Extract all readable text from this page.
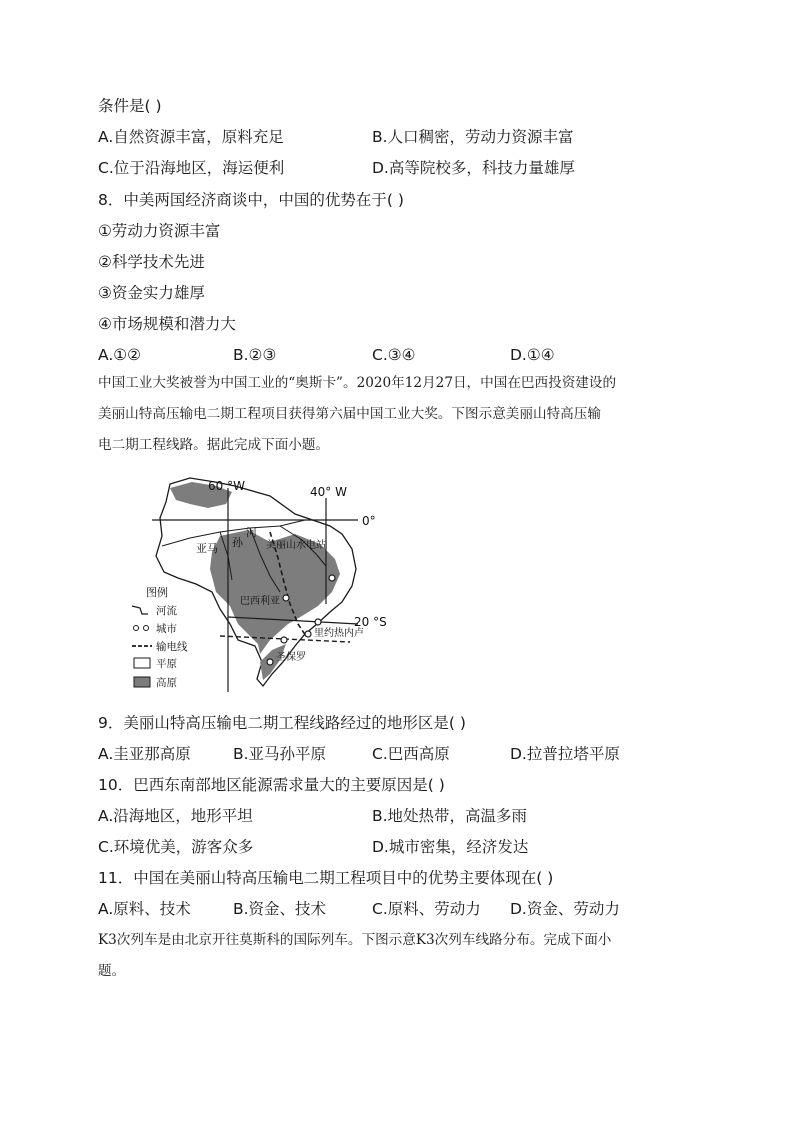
条件是( )
A.自然资源丰富，原料充足	B.人口稠密，劳动力资源丰富
C.位于沿海地区，海运便利	D.高等院校多，科技力量雄厚
8．中美两国经济商谈中，中国的优势在于( )
①劳动力资源丰富
②科学技术先进
③资金实力雄厚
④市场规模和潜力大
A.①②	B.②③	C.③④	D.①④
中国工业大奖被誉为中国工业的“奥斯卡”。2020年12月27日，中国在巴西投资建设的
美丽山特高压输电二期工程项目获得第六届中国工业大奖。下图示意美丽山特高压输
电二期工程线路。据此完成下面小题。
60 °W	40° W
0°
20 °S
河
亚马 孙 美丽山水电站
巴西利亚
里约热内卢
圣保罗
图例
河流
城市
输电线
平原
高原
9．美丽山特高压输电二期工程线路经过的地形区是( )
A.圭亚那高原	B.亚马孙平原	C.巴西高原	D.拉普拉塔平原
10．巴西东南部地区能源需求量大的主要原因是( )
A.沿海地区，地形平坦	B.地处热带，高温多雨
C.环境优美，游客众多	D.城市密集，经济发达
11．中国在美丽山特高压输电二期工程项目中的优势主要体现在( )
A.原料、技术	B.资金、技术	C.原料、劳动力 D.资金、劳动力
K3次列车是由北京开往莫斯科的国际列车。下图示意K3次列车线路分布。完成下面小
题。
